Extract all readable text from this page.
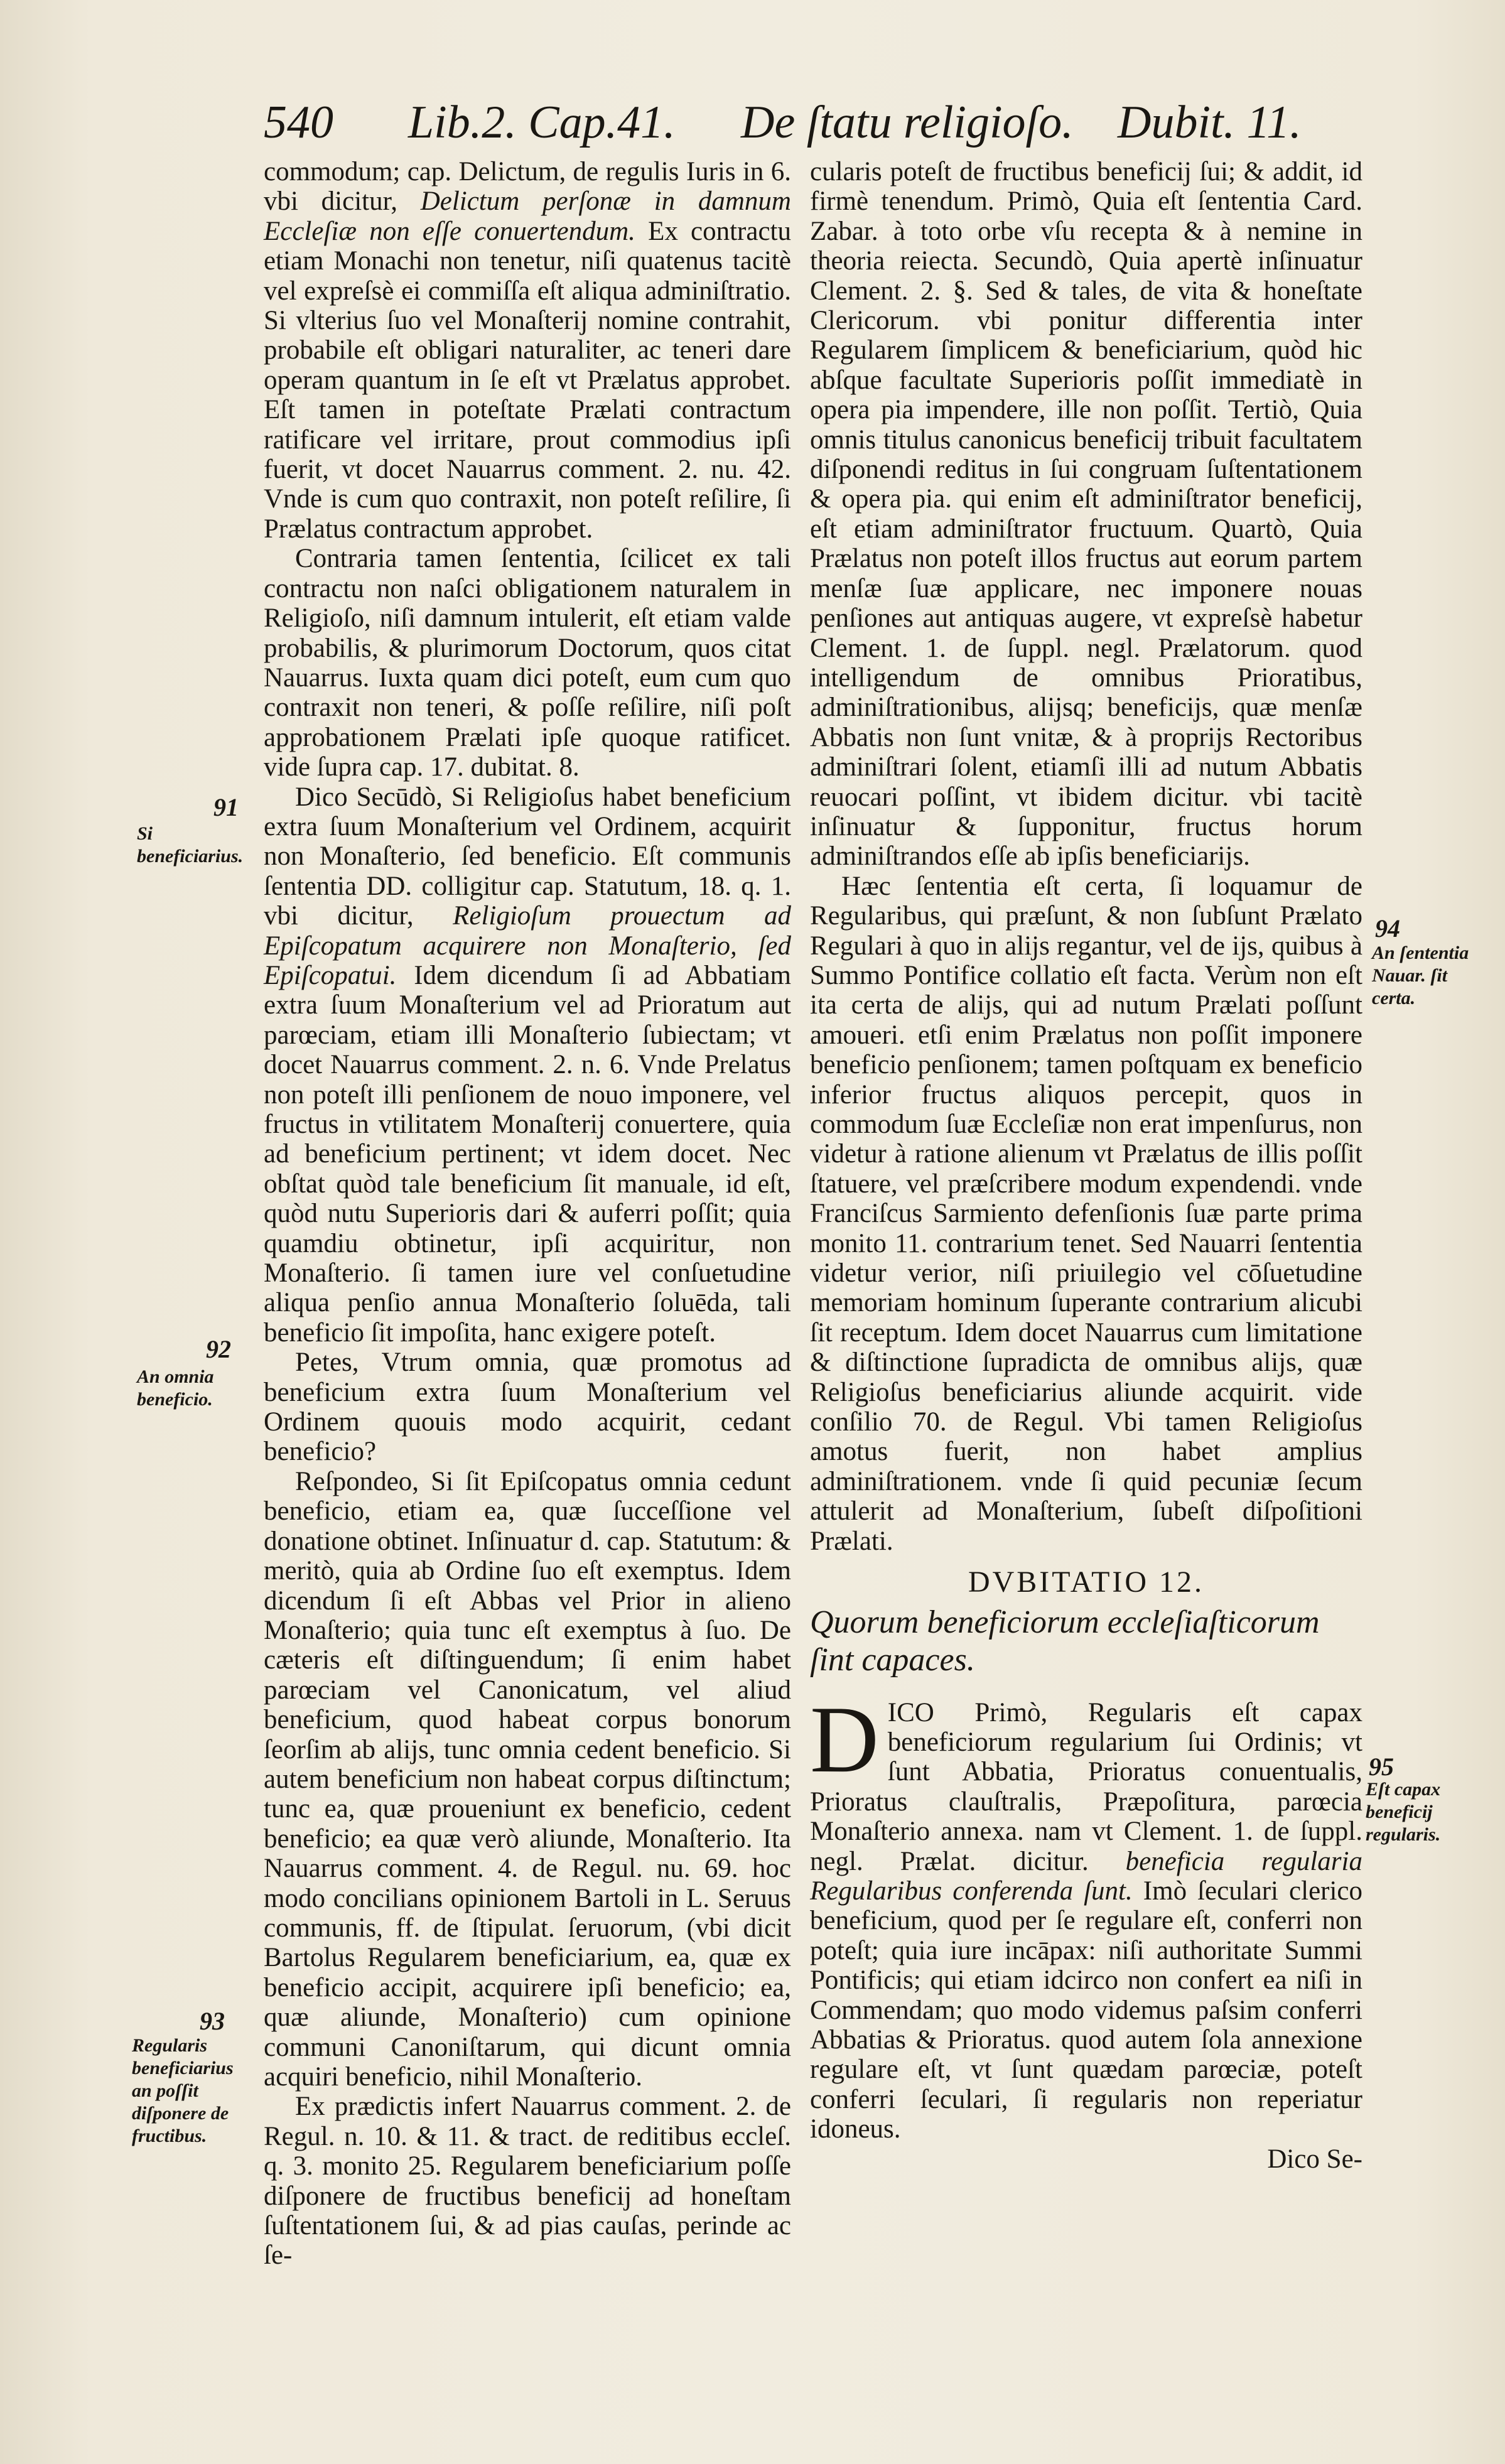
540 Lib.2. Cap.41. De ſtatu religioſo. Dubit. 11.

commodum; cap. Delictum, de regulis Iuris in 6. vbi dicitur, Delictum perſonæ in damnum Eccleſiæ non eſſe conuertendum. Ex contractu etiam Monachi non tenetur, niſi quatenus tacitè vel expreſsè ei commiſſa eſt aliqua adminiſtratio. Si vlterius ſuo vel Monaſterij nomine contrahit, probabile eſt obligari naturaliter, ac teneri dare operam quantum in ſe eſt vt Prælatus approbet. Eſt tamen in poteſtate Prælati contractum ratificare vel irritare, prout commodius ipſi fuerit, vt docet Nauarrus comment. 2. nu. 42. Vnde is cum quo contraxit, non poteſt reſilire, ſi Prælatus contractum approbet.

Contraria tamen ſententia, ſcilicet ex tali contractu non naſci obligationem naturalem in Religioſo, niſi damnum intulerit, eſt etiam valde probabilis, & plurimorum Doctorum, quos citat Nauarrus. Iuxta quam dici poteſt, eum cum quo contraxit non teneri, & poſſe reſilire, niſi poſt approbationem Prælati ipſe quoque ratificet. vide ſupra cap. 17. dubitat. 8.

Dico Secūdò, Si Religioſus habet beneficium extra ſuum Monaſterium vel Ordinem, acquirit non Monaſterio, ſed beneficio. Eſt communis ſententia DD. colligitur cap. Statutum, 18. q. 1. vbi dicitur, Religioſum prouectum ad Epiſcopatum acquirere non Monaſterio, ſed Epiſcopatui. Idem dicendum ſi ad Abbatiam extra ſuum Monaſterium vel ad Prioratum aut parœciam, etiam illi Monaſterio ſubiectam; vt docet Nauarrus comment. 2. n. 6. Vnde Prelatus non poteſt illi penſionem de nouo imponere, vel fructus in vtilitatem Monaſterij conuertere, quia ad beneficium pertinent; vt idem docet. Nec obſtat quòd tale beneficium ſit manuale, id eſt, quòd nutu Superioris dari & auferri poſſit; quia quamdiu obtinetur, ipſi acquiritur, non Monaſterio. ſi tamen iure vel conſuetudine aliqua penſio annua Monaſterio ſoluēda, tali beneficio ſit impoſita, hanc exigere poteſt.

Petes, Vtrum omnia, quæ promotus ad beneficium extra ſuum Monaſterium vel Ordinem quouis modo acquirit, cedant beneficio?

Reſpondeo, Si ſit Epiſcopatus omnia cedunt beneficio, etiam ea, quæ ſucceſſione vel donatione obtinet. Inſinuatur d. cap. Statutum: & meritò, quia ab Ordine ſuo eſt exemptus. Idem dicendum ſi eſt Abbas vel Prior in alieno Monaſterio; quia tunc eſt exemptus à ſuo. De cæteris eſt diſtinguendum; ſi enim habet parœciam vel Canonicatum, vel aliud beneficium, quod habeat corpus bonorum ſeorſim ab alijs, tunc omnia cedent beneficio. Si autem beneficium non habeat corpus diſtinctum; tunc ea, quæ proueniunt ex beneficio, cedent beneficio; ea quæ verò aliunde, Monaſterio. Ita Nauarrus comment. 4. de Regul. nu. 69. hoc modo concilians opinionem Bartoli in L. Seruus communis, ff. de ſtipulat. ſeruorum, (vbi dicit Bartolus Regularem beneficiarium, ea, quæ ex beneficio accipit, acquirere ipſi beneficio; ea, quæ aliunde, Monaſterio) cum opinione communi Canoniſtarum, qui dicunt omnia acquiri beneficio, nihil Monaſterio.

Ex prædictis infert Nauarrus comment. 2. de Regul. n. 10. & 11. & tract. de reditibus eccleſ. q. 3. monito 25. Regularem beneficiarium poſſe diſponere de fructibus beneficij ad honeſtam ſuſtentationem ſui, & ad pias cauſas, perinde ac ſe-

cularis poteſt de fructibus beneficij ſui; & addit, id firmè tenendum. Primò, Quia eſt ſententia Card. Zabar. à toto orbe vſu recepta & à nemine in theoria reiecta. Secundò, Quia apertè inſinuatur Clement. 2. §. Sed & tales, de vita & honeſtate Clericorum. vbi ponitur differentia inter Regularem ſimplicem & beneficiarium, quòd hic abſque facultate Superioris poſſit immediatè in opera pia impendere, ille non poſſit. Tertiò, Quia omnis titulus canonicus beneficij tribuit facultatem diſponendi reditus in ſui congruam ſuſtentationem & opera pia. qui enim eſt adminiſtrator beneficij, eſt etiam adminiſtrator fructuum. Quartò, Quia Prælatus non poteſt illos fructus aut eorum partem menſæ ſuæ applicare, nec imponere nouas penſiones aut antiquas augere, vt expreſsè habetur Clement. 1. de ſuppl. negl. Prælatorum. quod intelligendum de omnibus Prioratibus, adminiſtrationibus, alijsq; beneficijs, quæ menſæ Abbatis non ſunt vnitæ, & à proprijs Rectoribus adminiſtrari ſolent, etiamſi illi ad nutum Abbatis reuocari poſſint, vt ibidem dicitur. vbi tacitè inſinuatur & ſupponitur, fructus horum adminiſtrandos eſſe ab ipſis beneficiarijs.

Hæc ſententia eſt certa, ſi loquamur de Regularibus, qui præſunt, & non ſubſunt Prælato Regulari à quo in alijs regantur, vel de ijs, quibus à Summo Pontifice collatio eſt facta. Verùm non eſt ita certa de alijs, qui ad nutum Prælati poſſunt amoueri. etſi enim Prælatus non poſſit imponere beneficio penſionem; tamen poſtquam ex beneficio inferior fructus aliquos percepit, quos in commodum ſuæ Eccleſiæ non erat impenſurus, non videtur à ratione alienum vt Prælatus de illis poſſit ſtatuere, vel præſcribere modum expendendi. vnde Franciſcus Sarmiento defenſionis ſuæ parte prima monito 11. contrarium tenet. Sed Nauarri ſententia videtur verior, niſi priuilegio vel cōſuetudine memoriam hominum ſuperante contrarium alicubi ſit receptum. Idem docet Nauarrus cum limitatione & diſtinctione ſupradicta de omnibus alijs, quæ Religioſus beneficiarius aliunde acquirit. vide conſilio 70. de Regul. Vbi tamen Religioſus amotus fuerit, non habet amplius adminiſtrationem. vnde ſi quid pecuniæ ſecum attulerit ad Monaſterium, ſubeſt diſpoſitioni Prælati.

DVBITATIO 12.
Quorum beneficiorum eccleſiaſticorum ſint capaces.

DICO Primò, Regularis eſt capax beneficiorum regularium ſui Ordinis; vt ſunt Abbatia, Prioratus conuentualis, Prioratus clauſtralis, Præpoſitura, parœcia Monaſterio annexa. nam vt Clement. 1. de ſuppl. negl. Prælat. dicitur. beneficia regularia Regularibus conferenda ſunt. Imò ſeculari clerico beneficium, quod per ſe regulare eſt, conferri non poteſt; quia iure incāpax: niſi authoritate Summi Pontificis; qui etiam idcirco non confert ea niſi in Commendam; quo modo videmus paſsim conferri Abbatias & Prioratus. quod autem ſola annexione regulare eſt, vt ſunt quædam parœciæ, poteſt conferri ſeculari, ſi regularis non reperiatur idoneus.

Dico Se-

91
Si beneficiarius.
92
An omnia beneficio.
93
Regularis beneficiarius an poſſit diſponere de fructibus.
94
An ſententia Nauar. ſit certa.
95
Eſt capax beneficij regularis.
